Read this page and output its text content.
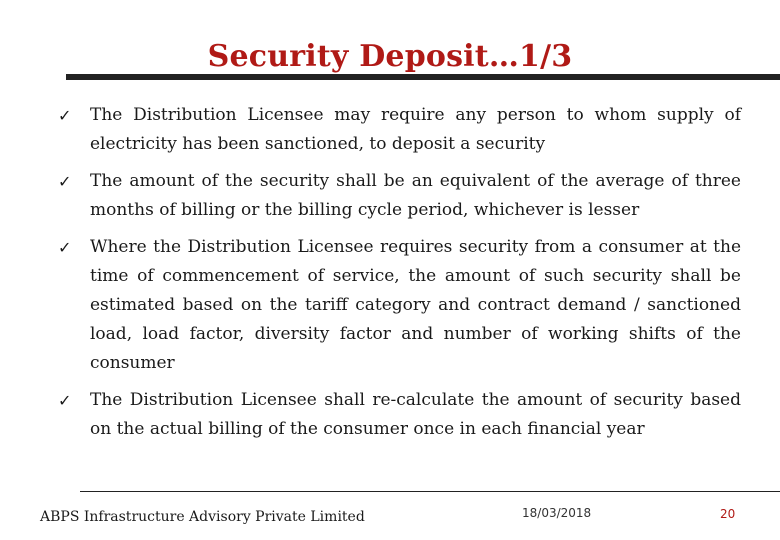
Security Deposit…1/3
✓ The Distribution Licensee may require any person to whom supply of electricity has been sanctioned, to deposit a security
✓ The amount of the security shall be an equivalent of the average of three months of billing or the billing cycle period, whichever is lesser
✓ Where the Distribution Licensee requires security from a consumer at the time of commencement of service, the amount of such security shall be estimated based on the tariff category and contract demand / sanctioned load, load factor, diversity factor and number of working shifts of the consumer
✓ The Distribution Licensee shall re-calculate the amount of security based on the actual billing of the consumer once in each financial year
ABPS Infrastructure Advisory Private Limited	18/03/2018	20
